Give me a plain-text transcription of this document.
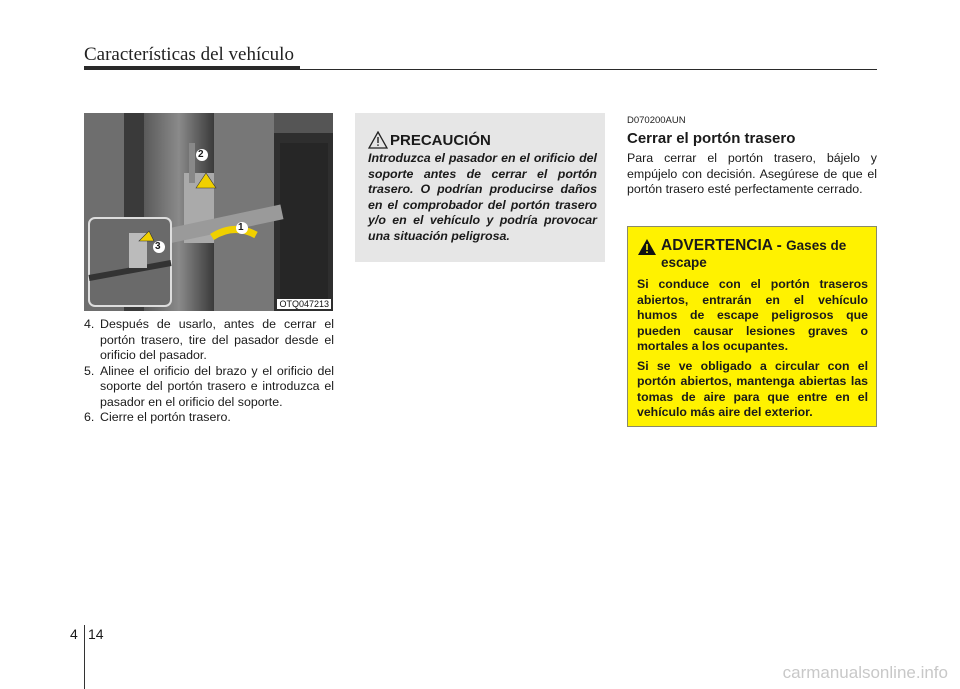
Características del vehículo
2
1
3
OTQ047213
4. Después de usarlo, antes de cerrar el portón trasero, tire del pasador desde el orificio del pasador.
5. Alinee el orificio del brazo y el orificio del soporte del portón trasero e introduzca el pasador en el orificio del soporte.
6. Cierre el portón trasero.
PRECAUCIÓN
Introduzca el pasador en el orificio del soporte antes de cerrar el portón trasero. O podrían producirse daños en el comprobador del portón trasero y/o en el vehículo y podría provocar una situación peligrosa.
D070200AUN
Cerrar el portón trasero
Para cerrar el portón trasero, bájelo y empújelo con decisión. Asegúrese de que el portón trasero esté perfectamente cerrado.
ADVERTENCIA - Gases de escape
Si conduce con el portón traseros abiertos, entrarán en el vehículo humos de escape peligrosos que pueden causar lesiones graves o mortales a los ocupantes.
Si se ve obligado a circular con el portón abiertos, mantenga abiertas las tomas de aire para que entre en el vehículo más aire del exterior.
4 14
carmanualsonline.info
